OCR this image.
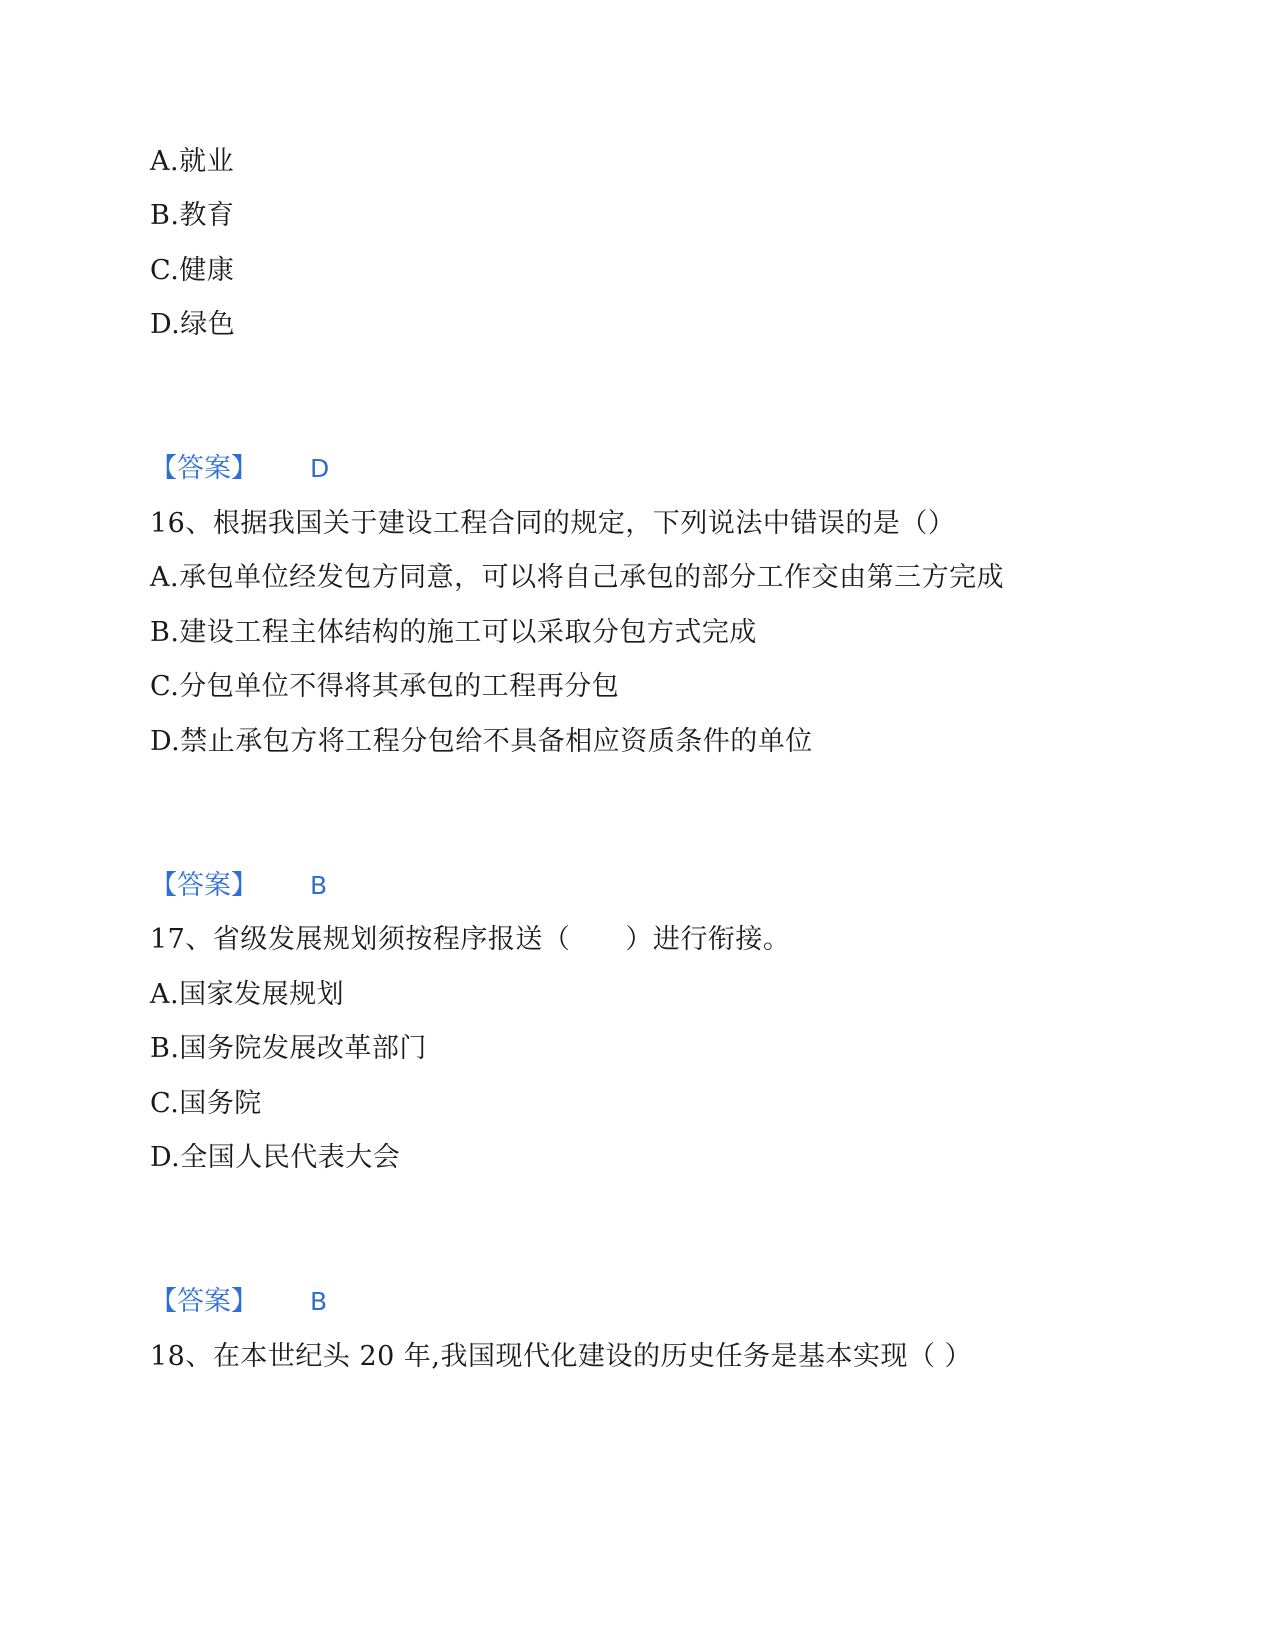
A.就业
B.教育
C.健康
D.绿色
【答案】 D
16、根据我国关于建设工程合同的规定，下列说法中错误的是（）
A.承包单位经发包方同意，可以将自己承包的部分工作交由第三方完成
B.建设工程主体结构的施工可以采取分包方式完成
C.分包单位不得将其承包的工程再分包
D.禁止承包方将工程分包给不具备相应资质条件的单位
【答案】 B
17、省级发展规划须按程序报送（　　）进行衔接。
A.国家发展规划
B.国务院发展改革部门
C.国务院
D.全国人民代表大会
【答案】 B
18、在本世纪头 20 年,我国现代化建设的历史任务是基本实现（ ）
